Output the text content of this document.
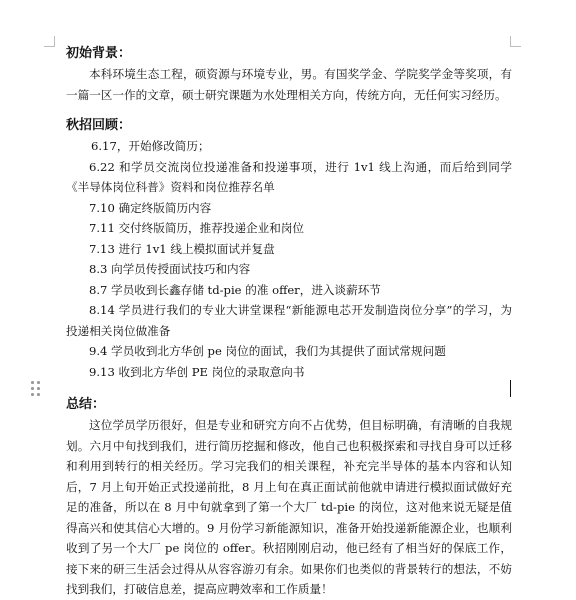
初始背景：

本科环境生态工程，硕资源与环境专业，男。有国奖学金、学院奖学金等奖项，有一篇一区一作的文章，硕士研究课题为水处理相关方向，传统方向，无任何实习经历。

秋招回顾：

6.17，开始修改简历；

6.22 和学员交流岗位投递准备和投递事项，进行 1v1 线上沟通，而后给到同学《半导体岗位科普》资料和岗位推荐名单

7.10 确定终版简历内容

7.11 交付终版简历，推荐投递企业和岗位

7.13 进行 1v1 线上模拟面试并复盘

8.3 向学员传授面试技巧和内容

8.7 学员收到长鑫存储 td-pie 的准 offer，进入谈薪环节

8.14 学员进行我们的专业大讲堂课程“新能源电芯开发制造岗位分享”的学习，为投递相关岗位做准备

9.4 学员收到北方华创 pe 岗位的面试，我们为其提供了面试常规问题

9.13 收到北方华创 PE 岗位的录取意向书

总结：

这位学员学历很好，但是专业和研究方向不占优势，但目标明确，有清晰的自我规划。六月中旬找到我们，进行简历挖掘和修改，他自己也积极探索和寻找自身可以迁移和利用到转行的相关经历。学习完我们的相关课程，补充完半导体的基本内容和认知后，7 月上旬开始正式投递前批，8 月上旬在真正面试前他就申请进行模拟面试做好充足的准备，所以在 8 月中旬就拿到了第一个大厂 td-pie 的岗位，这对他来说无疑是值得高兴和使其信心大增的。9 月份学习新能源知识，准备开始投递新能源企业，也顺利收到了另一个大厂 pe 岗位的 offer。秋招刚刚启动，他已经有了相当好的保底工作，接下来的研三生活会过得从从容容游刃有余。如果你们也类似的背景转行的想法，不妨找到我们，打破信息差，提高应聘效率和工作质量！
